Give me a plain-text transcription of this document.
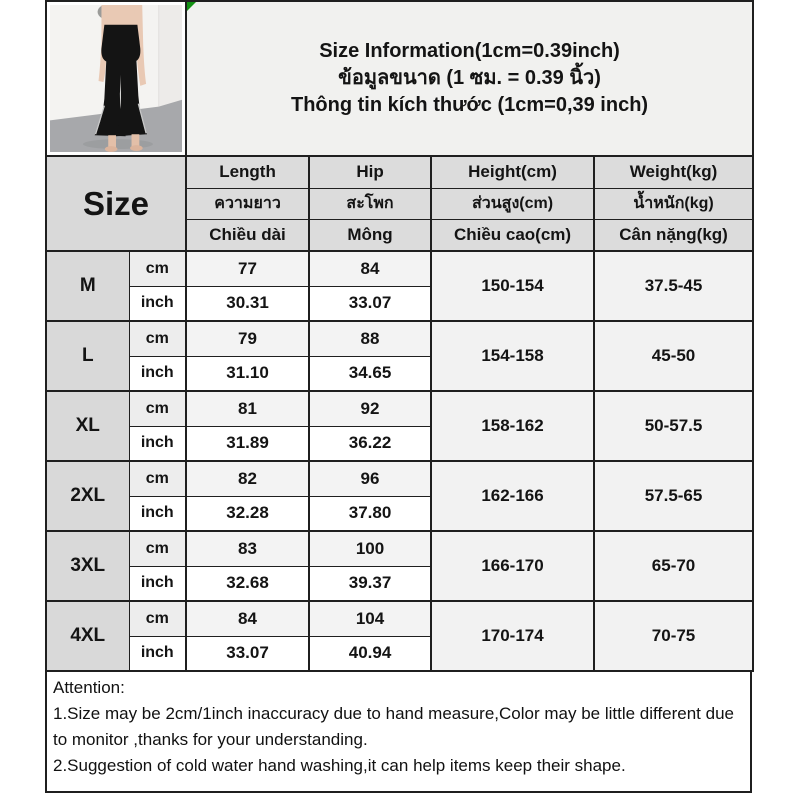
Size Information(1cm=0.39inch)
ข้อมูลขนาด (1 ซม. = 0.39 นิ้ว)
Thông tin kích thước (1cm=0,39 inch)			

Size		Length	Hip	Height(cm)	Weight(kg)
		ความยาว	สะโพก	ส่วนสูง(cm)	น้ำหนัก(kg)
		Chiều dài	Mông	Chiều cao(cm)	Cân nặng(kg)
M	cm	77	84	150-154	37.5-45
	inch	30.31	33.07		
L	cm	79	88	154-158	45-50
	inch	31.10	34.65		
XL	cm	81	92	158-162	50-57.5
	inch	31.89	36.22		
2XL	cm	82	96	162-166	57.5-65
	inch	32.28	37.80		
3XL	cm	83	100	166-170	65-70
	inch	32.68	39.37		
4XL	cm	84	104	170-174	70-75
	inch	33.07	40.94		
Attention:
1.Size may be 2cm/1inch inaccuracy due to hand measure,Color may be little different due to monitor ,thanks for your understanding.
2.Suggestion of cold water hand washing,it can help items keep their shape.
